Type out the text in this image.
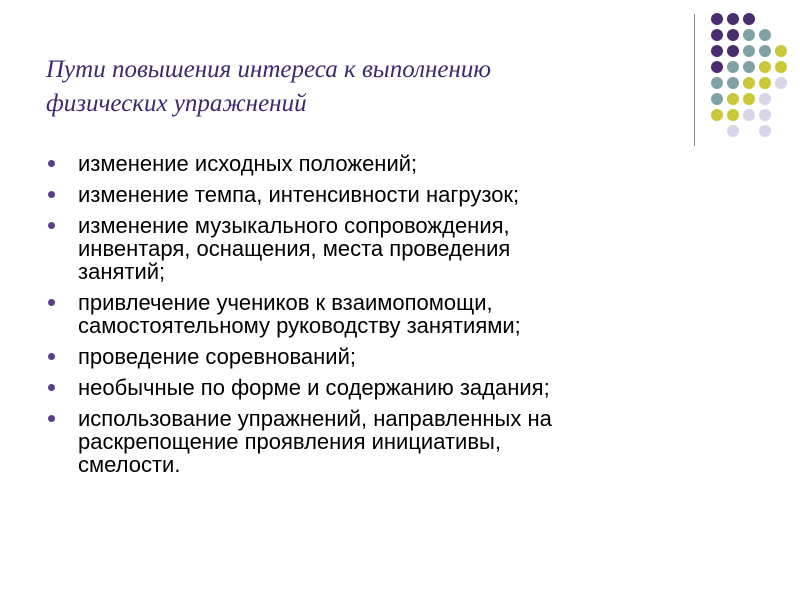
Пути повышения интереса к выполнению
физических упражнений
изменение исходных положений;
изменение темпа, интенсивности нагрузок;
изменение музыкального сопровождения,
инвентаря, оснащения, места проведения
занятий;
привлечение учеников к взаимопомощи,
самостоятельному руководству занятиями;
проведение соревнований;
необычные по форме и содержанию задания;
использование упражнений, направленных на
раскрепощение проявления инициативы,
смелости.
